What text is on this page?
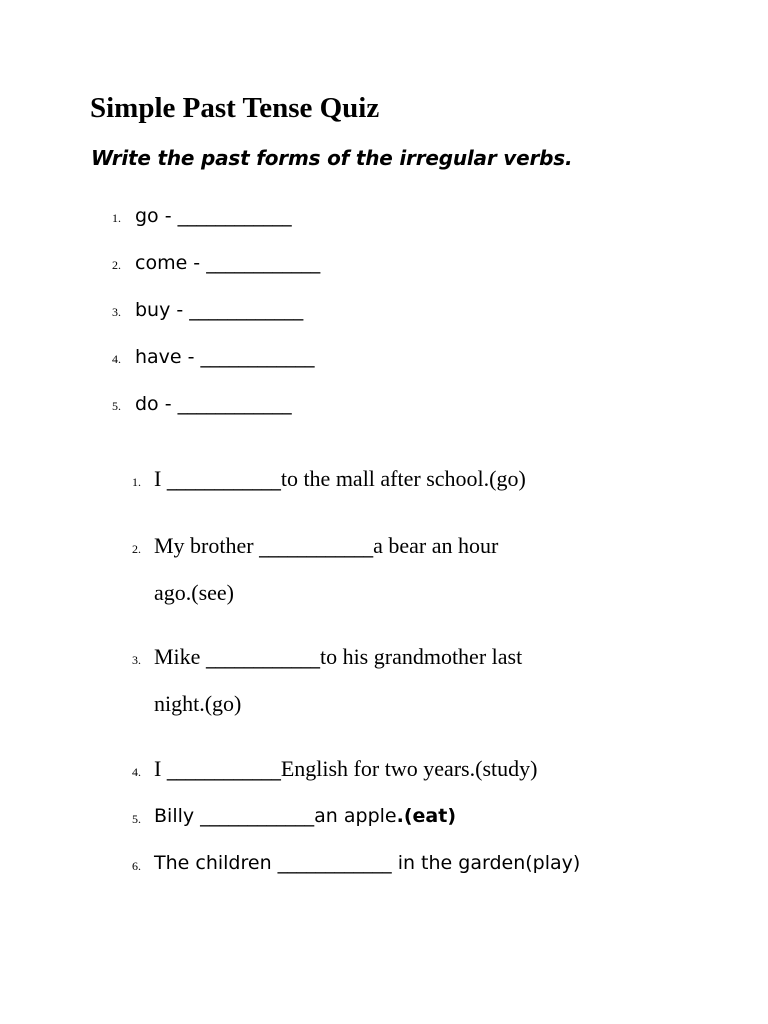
Simple Past Tense Quiz
Write the past forms of the irregular verbs.
1. go - ____________
2. come - ____________
3. buy - ____________
4. have - ____________
5. do - ____________
1. I ____________to the mall after school.(go)
2. My brother ____________a bear an hour
ago.(see)
3. Mike ____________to his grandmother last
night.(go)
4. I ____________English for two years.(study)
5. Billy ____________an apple.(eat)
6. The children ____________ in the garden(play)
